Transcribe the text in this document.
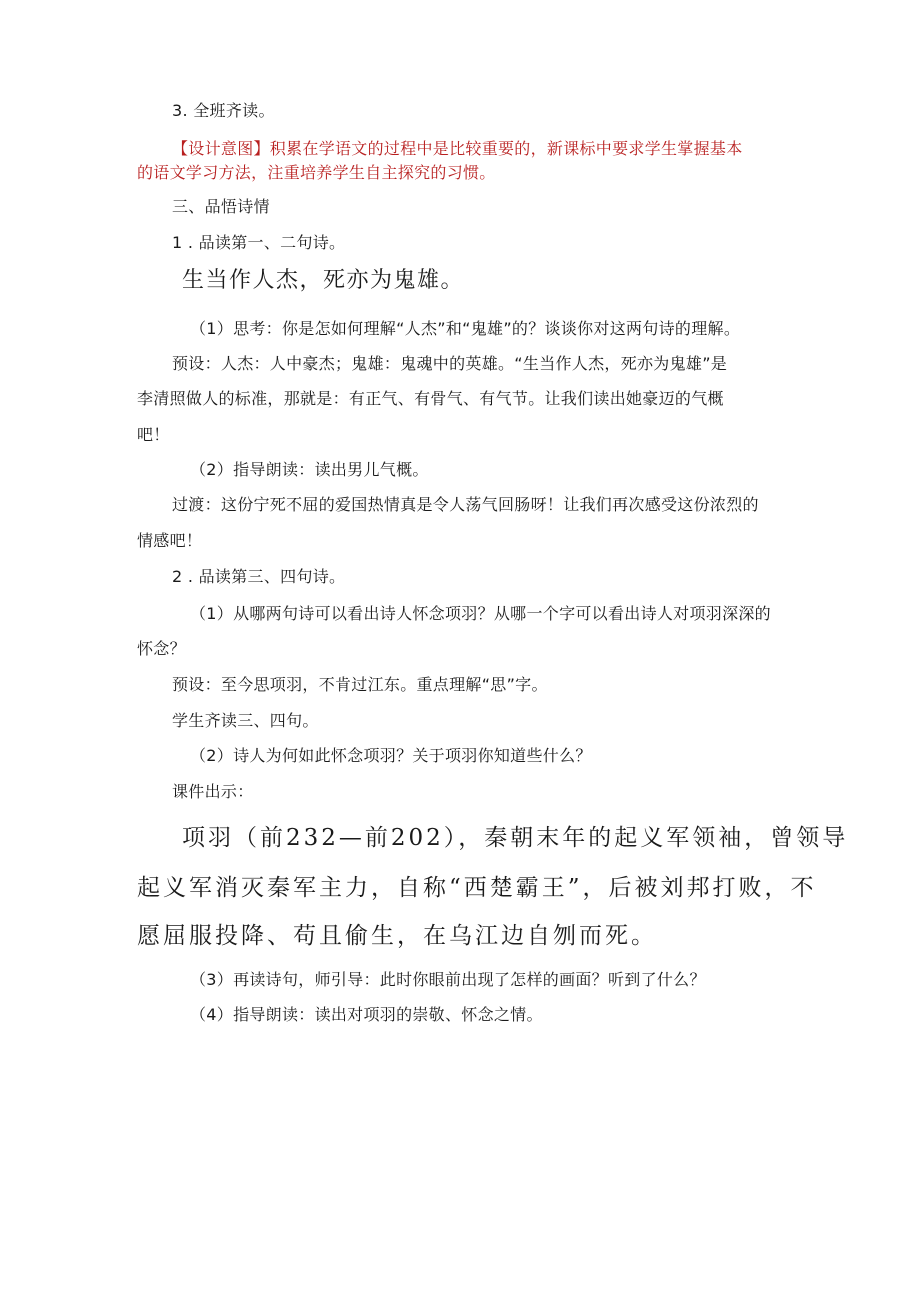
3. 全班齐读。
【设计意图】积累在学语文的过程中是比较重要的，新课标中要求学生掌握基本
的语文学习方法，注重培养学生自主探究的习惯。
三、品悟诗情
1 . 品读第一、二句诗。
生当作人杰，死亦为鬼雄。
（1）思考：你是怎如何理解“人杰”和“鬼雄”的？谈谈你对这两句诗的理解。
预设：人杰：人中豪杰；鬼雄：鬼魂中的英雄。“生当作人杰，死亦为鬼雄”是
李清照做人的标准，那就是：有正气、有骨气、有气节。让我们读出她豪迈的气概
吧！
（2）指导朗读：读出男儿气概。
过渡：这份宁死不屈的爱国热情真是令人荡气回肠呀！让我们再次感受这份浓烈的
情感吧！
2 . 品读第三、四句诗。
（1）从哪两句诗可以看出诗人怀念项羽？从哪一个字可以看出诗人对项羽深深的
怀念？
预设：至今思项羽，不肯过江东。重点理解“思”字。
学生齐读三、四句。
（2）诗人为何如此怀念项羽？关于项羽你知道些什么？
课件出示：
项羽（前232—前202），秦朝末年的起义军领袖，曾领导
起义军消灭秦军主力，自称“西楚霸王”，后被刘邦打败，不
愿屈服投降、苟且偷生，在乌江边自刎而死。
（3）再读诗句，师引导：此时你眼前出现了怎样的画面？听到了什么？
（4）指导朗读：读出对项羽的崇敬、怀念之情。
